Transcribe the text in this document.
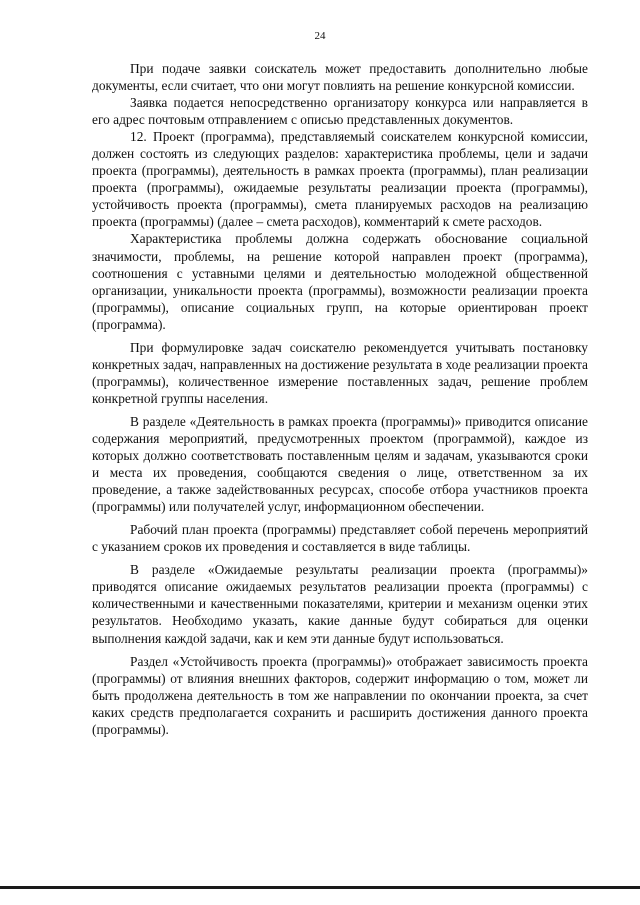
24

При подаче заявки соискатель может предоставить дополнительно любые документы, если считает, что они могут повлиять на решение конкурсной комиссии.

Заявка подается непосредственно организатору конкурса или направляется в его адрес почтовым отправлением с описью представленных документов.

12. Проект (программа), представляемый соискателем конкурсной комиссии, должен состоять из следующих разделов: характеристика проблемы, цели и задачи проекта (программы), деятельность в рамках проекта (программы), план реализации проекта (программы), ожидаемые результаты реализации проекта (программы), устойчивость проекта (программы), смета планируемых расходов на реализацию проекта (программы) (далее – смета расходов), комментарий к смете расходов.

Характеристика проблемы должна содержать обоснование социальной значимости, проблемы, на решение которой направлен проект (программа), соотношения с уставными целями и деятельностью молодежной общественной организации, уникальности проекта (программы), возможности реализации проекта (программы), описание социальных групп, на которые ориентирован проект (программа).

При формулировке задач соискателю рекомендуется учитывать постановку конкретных задач, направленных на достижение результата в ходе реализации проекта (программы), количественное измерение поставленных задач, решение проблем конкретной группы населения.

В разделе «Деятельность в рамках проекта (программы)» приводится описание содержания мероприятий, предусмотренных проектом (программой), каждое из которых должно соответствовать поставленным целям и задачам, указываются сроки и места их проведения, сообщаются сведения о лице, ответственном за их проведение, а также задействованных ресурсах, способе отбора участников проекта (программы) или получателей услуг, информационном обеспечении.

Рабочий план проекта (программы) представляет собой перечень мероприятий с указанием сроков их проведения и составляется в виде таблицы.

В разделе «Ожидаемые результаты реализации проекта (программы)» приводятся описание ожидаемых результатов реализации проекта (программы) с количественными и качественными показателями, критерии и механизм оценки этих результатов. Необходимо указать, какие данные будут собираться для оценки выполнения каждой задачи, как и кем эти данные будут использоваться.

Раздел «Устойчивость проекта (программы)» отображает зависимость проекта (программы) от влияния внешних факторов, содержит информацию о том, может ли быть продолжена деятельность в том же направлении по окончании проекта, за счет каких средств предполагается сохранить и расширить достижения данного проекта (программы).
